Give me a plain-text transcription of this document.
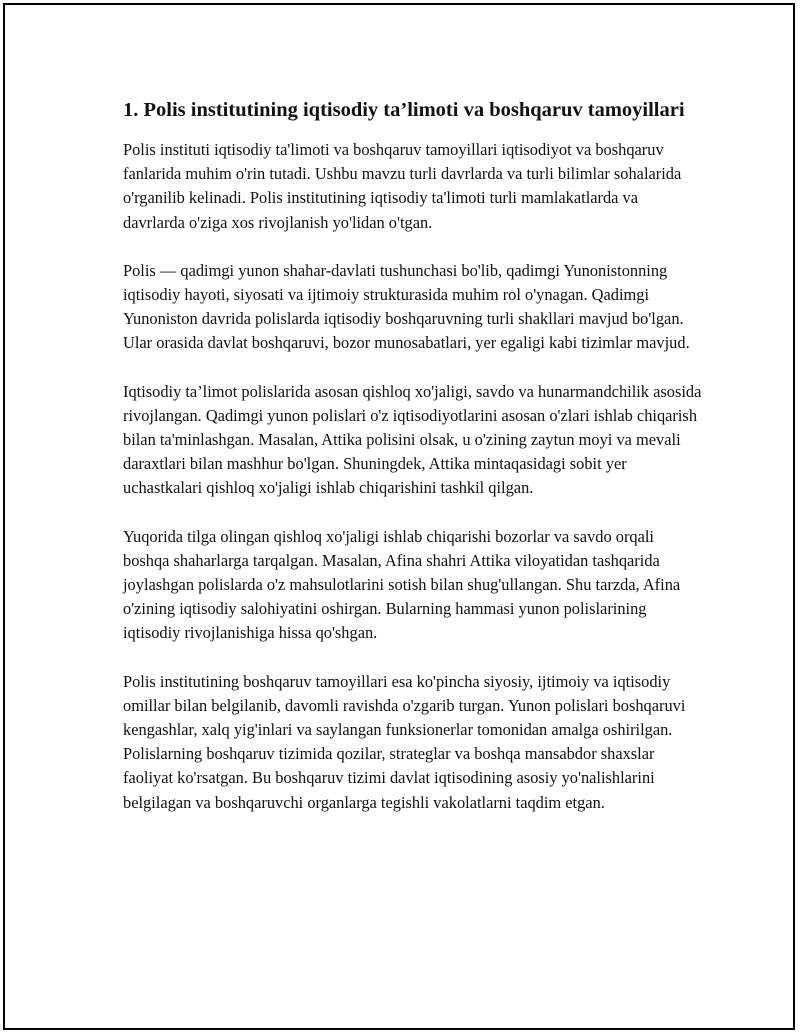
1. Polis institutining iqtisodiy ta’limoti va boshqaruv tamoyillari

Polis instituti iqtisodiy ta'limoti va boshqaruv tamoyillari iqtisodiyot va boshqaruv fanlarida muhim o'rin tutadi. Ushbu mavzu turli davrlarda va turli bilimlar sohalarida o'rganilib kelinadi. Polis institutining iqtisodiy ta'limoti turli mamlakatlarda va davrlarda o'ziga xos rivojlanish yo'lidan o'tgan.

Polis — qadimgi yunon shahar-davlati tushunchasi bo'lib, qadimgi Yunonistonning iqtisodiy hayoti, siyosati va ijtimoiy strukturasida muhim rol o'ynagan. Qadimgi Yunoniston davrida polislarda iqtisodiy boshqaruvning turli shakllari mavjud bo'lgan. Ular orasida davlat boshqaruvi, bozor munosabatlari, yer egaligi kabi tizimlar mavjud.

Iqtisodiy ta’limot polislarida asosan qishloq xo'jaligi, savdo va hunarmandchilik asosida rivojlangan. Qadimgi yunon polislari o'z iqtisodiyotlarini asosan o'zlari ishlab chiqarish bilan ta'minlashgan. Masalan, Attika polisini olsak, u o'zining zaytun moyi va mevali daraxtlari bilan mashhur bo'lgan. Shuningdek, Attika mintaqasidagi sobit yer uchastkalari qishloq xo'jaligi ishlab chiqarishini tashkil qilgan.

Yuqorida tilga olingan qishloq xo'jaligi ishlab chiqarishi bozorlar va savdo orqali boshqa shaharlarga tarqalgan. Masalan, Afina shahri Attika viloyatidan tashqarida joylashgan polislarda o'z mahsulotlarini sotish bilan shug'ullangan. Shu tarzda, Afina o'zining iqtisodiy salohiyatini oshirgan. Bularning hammasi yunon polislarining iqtisodiy rivojlanishiga hissa qo'shgan.

Polis institutining boshqaruv tamoyillari esa ko'pincha siyosiy, ijtimoiy va iqtisodiy omillar bilan belgilanib, davomli ravishda o'zgarib turgan. Yunon polislari boshqaruvi kengashlar, xalq yig'inlari va saylangan funksionerlar tomonidan amalga oshirilgan. Polislarning boshqaruv tizimida qozilar, strateglar va boshqa mansabdor shaxslar faoliyat ko'rsatgan. Bu boshqaruv tizimi davlat iqtisodining asosiy yo'nalishlarini belgilagan va boshqaruvchi organlarga tegishli vakolatlarni taqdim etgan.
